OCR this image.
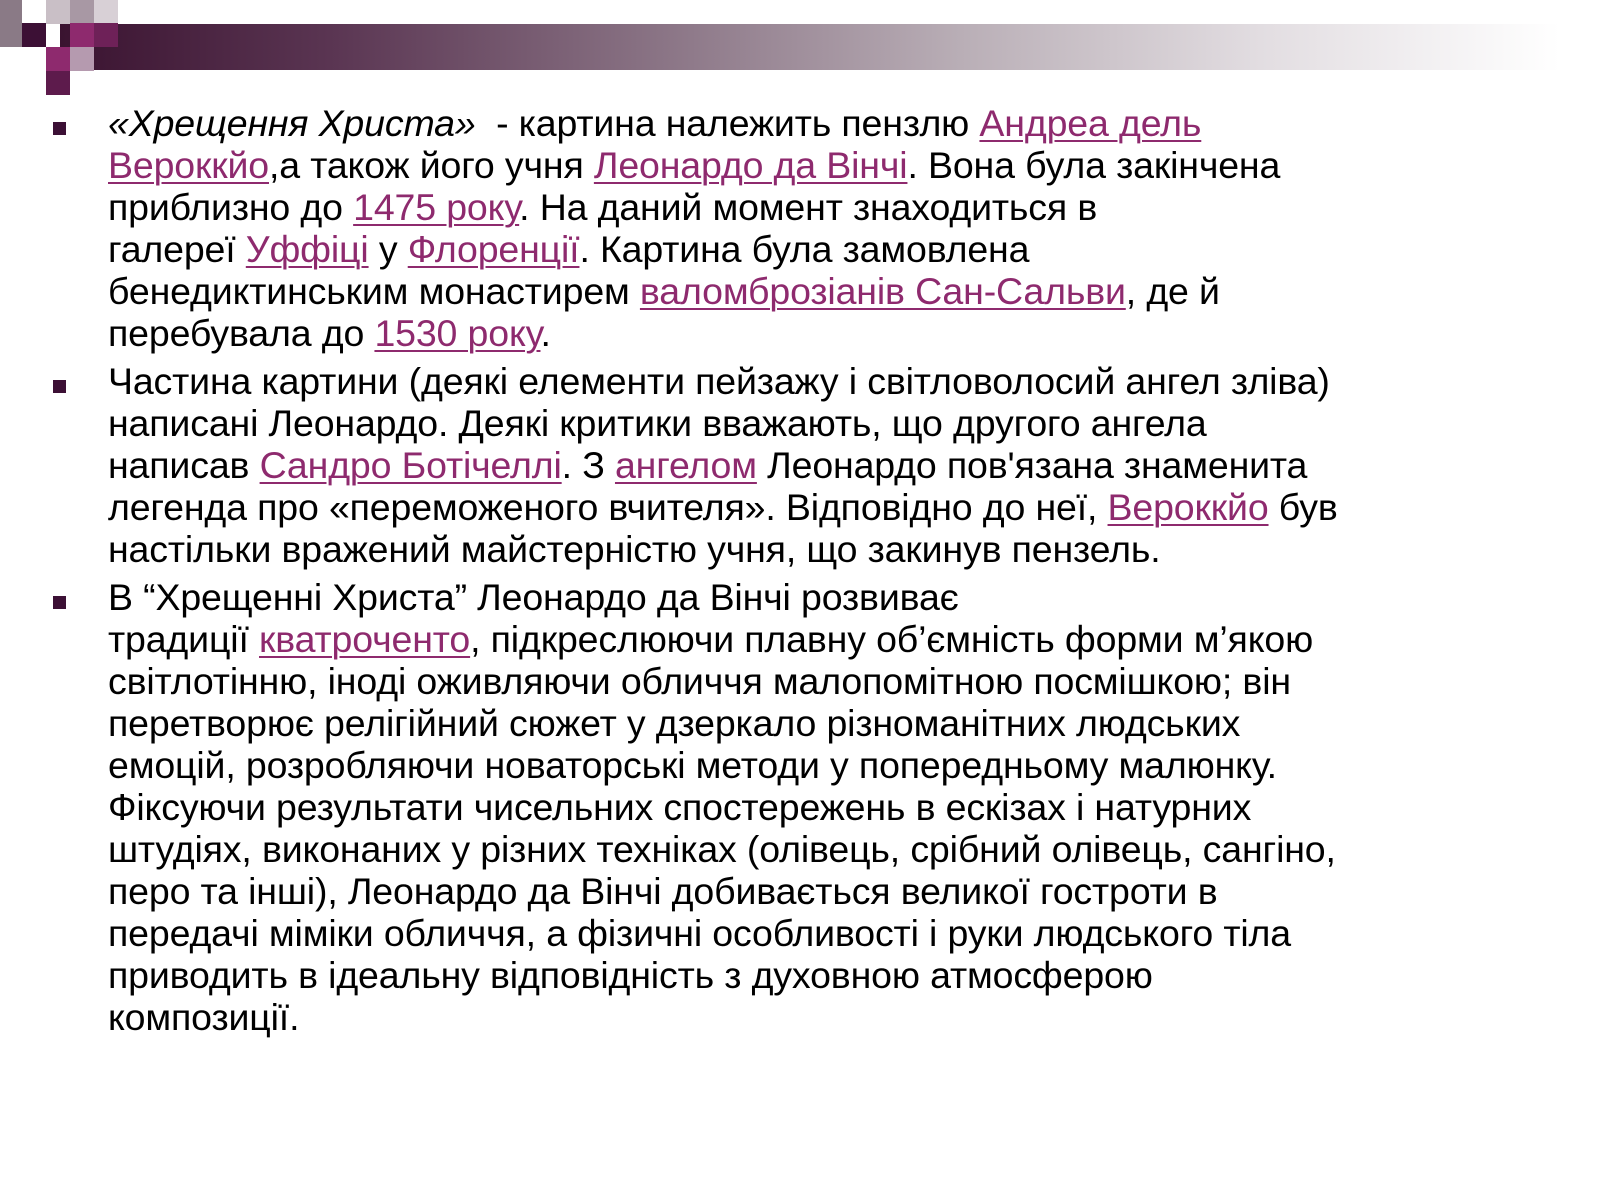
«Хрещення Христа»  - картина належить пензлю Андреа дель
Вероккйо,а також його учня Леонардо да Вінчі. Вона була закінчена
приблизно до 1475 року. На даний момент знаходиться в
галереї Уффіці у Флоренції. Картина була замовлена
бенедиктинським монастирем валомброзіанів Сан-Сальви, де й
перебувала до 1530 року.
Частина картини (деякі елементи пейзажу і світловолосий ангел зліва)
написані Леонардо. Деякі критики вважають, що другого ангела
написав Сандро Ботічеллі. З ангелом Леонардо пов'язана знаменита
легенда про «переможеного вчителя». Відповідно до неї, Вероккйо був
настільки вражений майстерністю учня, що закинув пензель.
В “Хрещенні Христа” Леонардо да Вінчі розвиває
традиції кватроченто, підкреслюючи плавну об’ємність форми м’якою
світлотінню, іноді оживляючи обличчя малопомітною посмішкою; він
перетворює релігійний сюжет у дзеркало різноманітних людських
емоцій, розробляючи новаторські методи у попередньому малюнку.
Фіксуючи результати чисельних спостережень в ескізах і натурних
штудіях, виконаних у різних техніках (олівець, срібний олівець, сангіно,
перо та інші), Леонардо да Вінчі добивається великої гостроти в
передачі міміки обличчя, а фізичні особливості і руки людського тіла
приводить в ідеальну відповідність з духовною атмосферою
композиції.
